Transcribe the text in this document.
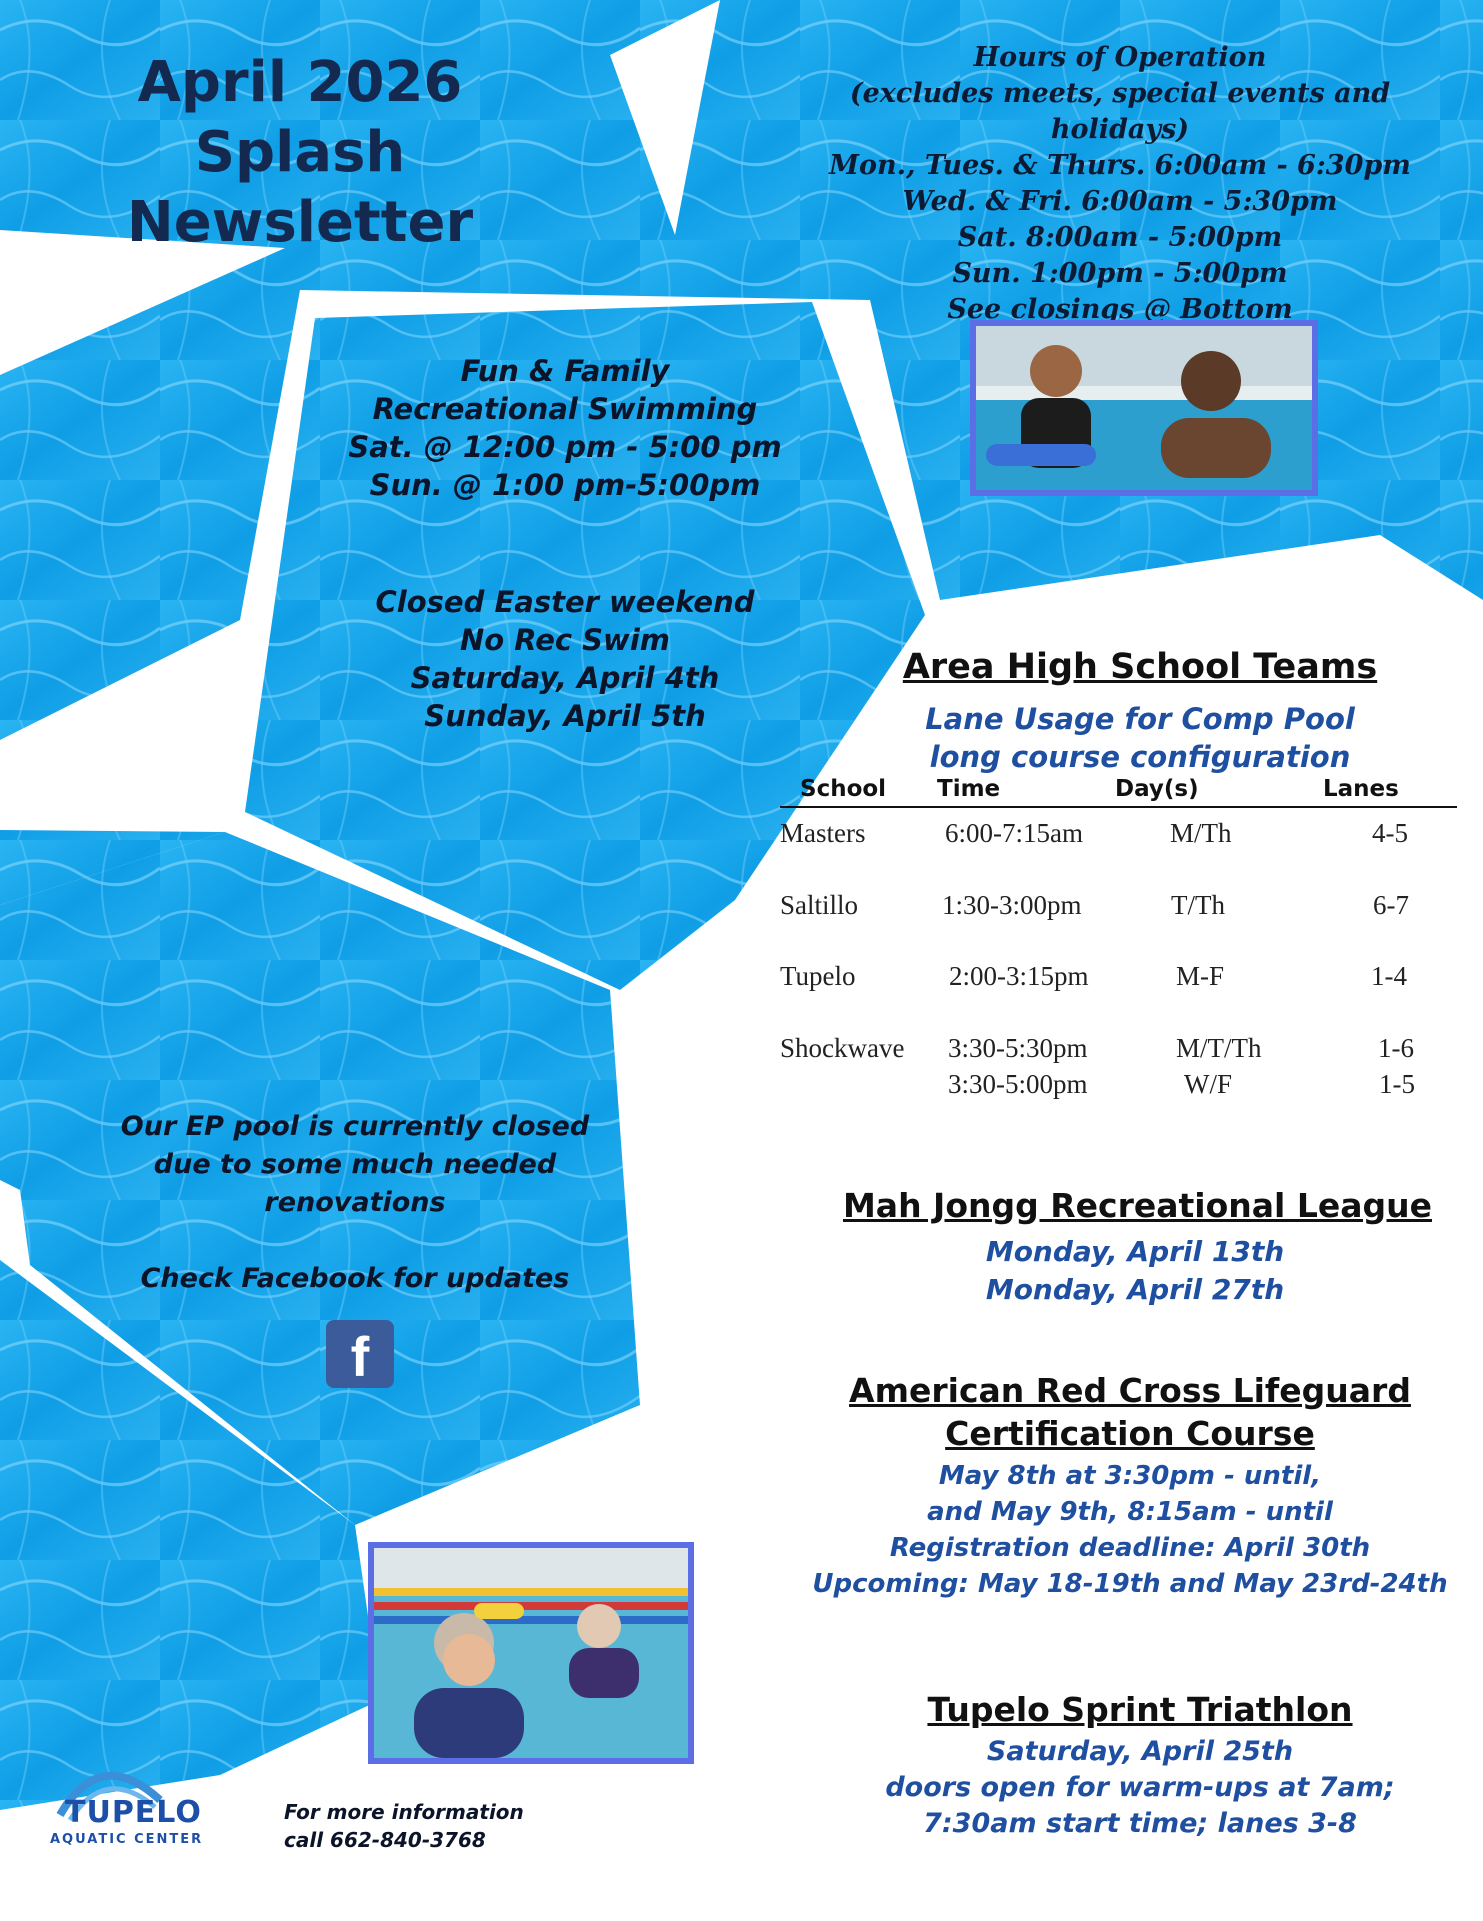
April 2026
Splash Newsletter
Hours of Operation
(excludes meets, special events and holidays)
Mon., Tues. & Thurs. 6:00am - 6:30pm
Wed. & Fri. 6:00am - 5:30pm
Sat. 8:00am - 5:00pm
Sun. 1:00pm - 5:00pm
See closings @ Bottom
Fun & Family
Recreational Swimming
Sat. @ 12:00 pm - 5:00 pm
Sun. @ 1:00 pm-5:00pm
Closed Easter weekend
No Rec Swim
Saturday, April 4th
Sunday, April 5th
Our EP pool is currently closed
due to some much needed
renovations
Check Facebook for updates
f
Area High School Teams
Lane Usage for Comp Pool
long course configuration
School Time	Day(s)	Lanes
Masters	6:00-7:15am	M/Th	4-5
Saltillo	1:30-3:00pm	T/Th	6-7
Tupelo	2:00-3:15pm	M-F	1-4
Shockwave 3:30-5:30pm	M/T/Th	1-6
3:30-5:00pm	W/F	1-5
Mah Jongg Recreational League
Monday, April 13th
Monday, April 27th
American Red Cross Lifeguard
Certification Course
May 8th at 3:30pm - until,
and May 9th, 8:15am - until
Registration deadline: April 30th
Upcoming: May 18-19th and May 23rd-24th
Tupelo Sprint Triathlon
Saturday, April 25th
doors open for warm-ups at 7am;
7:30am start time; lanes 3-8
TUPELO
AQUATIC CENTER
For more information
call 662-840-3768
